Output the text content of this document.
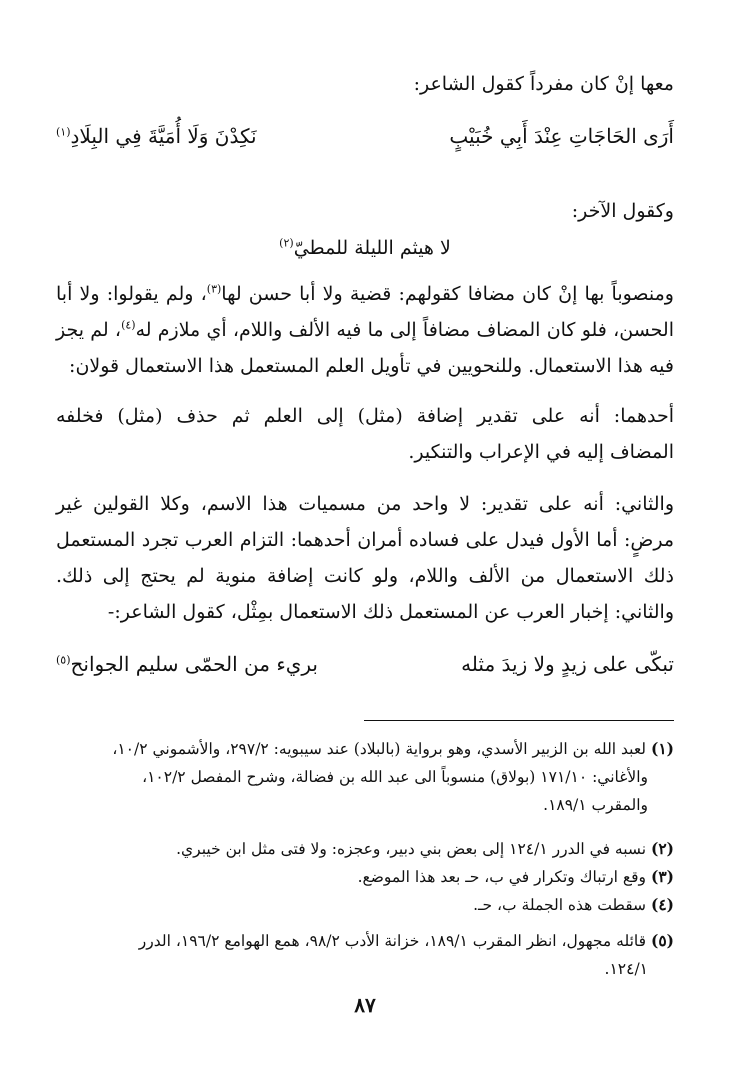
معها إنْ كان مفرداً كقول الشاعر:
أَرَى الحَاجَاتِ عِنْدَ أَبِي خُبَيْبٍ
نَكِدْنَ وَلَا أُمَيَّةَ فِي البِلَادِ$^{(١)}$
وكقول الآخر:
لا هيثم الليلة للمطيّ$^{(٢)}$
ومنصوباً بها إنْ كان مضافا كقولهم: قضية ولا أبا حسن لها$^{(٣)}$، ولم يقولوا: ولا أبا
الحسن، فلو كان المضاف مضافاً إلى ما فيه الألف واللام، أي ملازم له$^{(٤)}$، لم يجز
فيه هذا الاستعمال. وللنحويين في تأويل العلم المستعمل هذا الاستعمال قولان:
أحدهما: أنه على تقدير إضافة (مثل) إلى العلم ثم حذف (مثل) فخلفه
المضاف إليه في الإعراب والتنكير.
والثاني: أنه على تقدير: لا واحد من مسميات هذا الاسم، وكلا القولين غير
مرضٍ: أما الأول فيدل على فساده أمران أحدهما: التزام العرب تجرد المستعمل
ذلك الاستعمال من الألف واللام، ولو كانت إضافة منوية لم يحتج إلى ذلك.
والثاني: إخبار العرب عن المستعمل ذلك الاستعمال بمِثْل، كقول الشاعر:-
تبكّى على زيدٍ ولا زيدَ مثله
بريء من الحمّى سليم الجوانح$^{(٥)}$
(١) لعبد الله بن الزبير الأسدي، وهو برواية (بالبلاد) عند سيبويه: ٢٩٧/٢، والأشموني ١٠/٢،
والأغاني: ١٧١/١٠ (بولاق) منسوباً الى عبد الله بن فضالة، وشرح المفصل ١٠٢/٢،
والمقرب ١٨٩/١.
(٢) نسبه في الدرر ١٢٤/١ إلى بعض بني دبير، وعجزه: ولا فتى مثل ابن خيبري.
(٣) وقع ارتباك وتكرار في ب، حـ بعد هذا الموضع.
(٤) سقطت هذه الجملة ب، حـ.
(٥) قائله مجهول، انظر المقرب ١٨٩/١، خزانة الأدب ٩٨/٢، همع الهوامع ١٩٦/٢، الدرر
١٢٤/١.
٨٧
